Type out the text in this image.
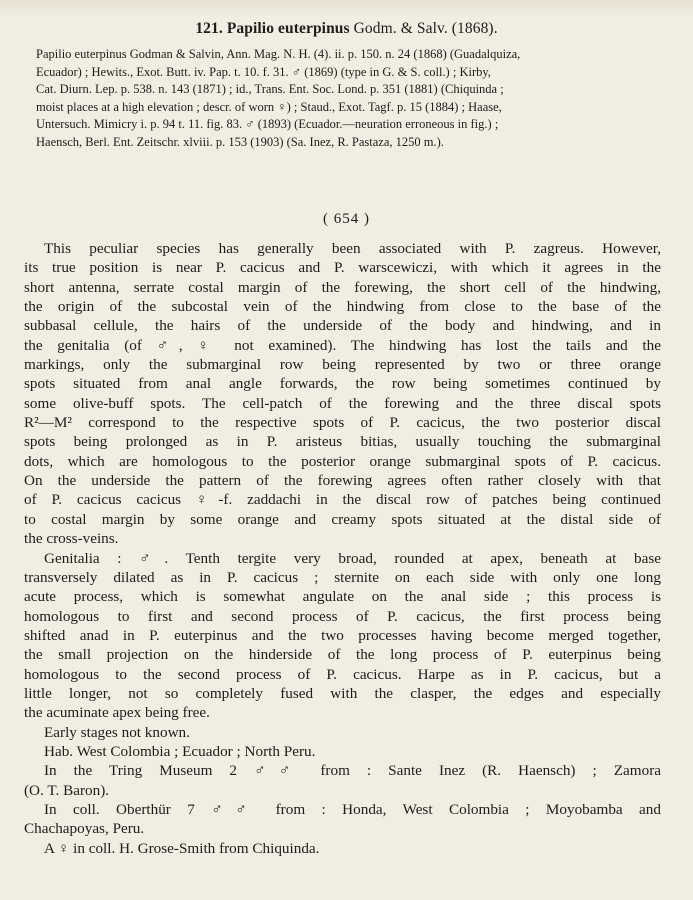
121. Papilio euterpinus Godm. & Salv. (1868).

Papilio euterpinus Godman & Salvin, Ann. Mag. N. H. (4). ii. p. 150. n. 24 (1868) (Guadalquiza,
Ecuador) ; Hewits., Exot. Butt. iv. Pap. t. 10. f. 31. ♂ (1869) (type in G. & S. coll.) ; Kirby,
Cat. Diurn. Lep. p. 538. n. 143 (1871) ; id., Trans. Ent. Soc. Lond. p. 351 (1881) (Chiquinda ;
moist places at a high elevation ; descr. of worn ♀) ; Staud., Exot. Tagf. p. 15 (1884) ; Haase,
Untersuch. Mimicry i. p. 94 t. 11. fig. 83. ♂ (1893) (Ecuador.—neuration erroneous in fig.) ;
Haensch, Berl. Ent. Zeitschr. xlviii. p. 153 (1903) (Sa. Inez, R. Pastaza, 1250 m.).

( 654 )
This peculiar species has generally been associated with P. zagreus. However,
its true position is near P. cacicus and P. warscewiczi, with which it agrees in the
short antenna, serrate costal margin of the forewing, the short cell of the hindwing,
the origin of the subcostal vein of the hindwing from close to the base of the
subbasal cellule, the hairs of the underside of the body and hindwing, and in
the genitalia (of ♂, ♀ not examined). The hindwing has lost the tails and the
markings, only the submarginal row being represented by two or three orange
spots situated from anal angle forwards, the row being sometimes continued by
some olive-buff spots. The cell-patch of the forewing and the three discal spots
R²—M² correspond to the respective spots of P. cacicus, the two posterior discal
spots being prolonged as in P. aristeus bitias, usually touching the submarginal
dots, which are homologous to the posterior orange submarginal spots of P. cacicus.
On the underside the pattern of the forewing agrees often rather closely with that
of P. cacicus cacicus ♀-f. zaddachi in the discal row of patches being continued
to costal margin by some orange and creamy spots situated at the distal side of
the cross-veins.
Genitalia : ♂. Tenth tergite very broad, rounded at apex, beneath at base
transversely dilated as in P. cacicus ; sternite on each side with only one long
acute process, which is somewhat angulate on the anal side ; this process is
homologous to first and second process of P. cacicus, the first process being
shifted anad in P. euterpinus and the two processes having become merged together,
the small projection on the hinderside of the long process of P. euterpinus being
homologous to the second process of P. cacicus. Harpe as in P. cacicus, but a
little longer, not so completely fused with the clasper, the edges and especially
the acuminate apex being free.
Early stages not known.
Hab. West Colombia ; Ecuador ; North Peru.
In the Tring Museum 2 ♂♂ from : Sante Inez (R. Haensch) ; Zamora
(O. T. Baron).
In coll. Oberthür 7 ♂♂ from : Honda, West Colombia ; Moyobamba and
Chachapoyas, Peru.
A ♀ in coll. H. Grose-Smith from Chiquinda.
